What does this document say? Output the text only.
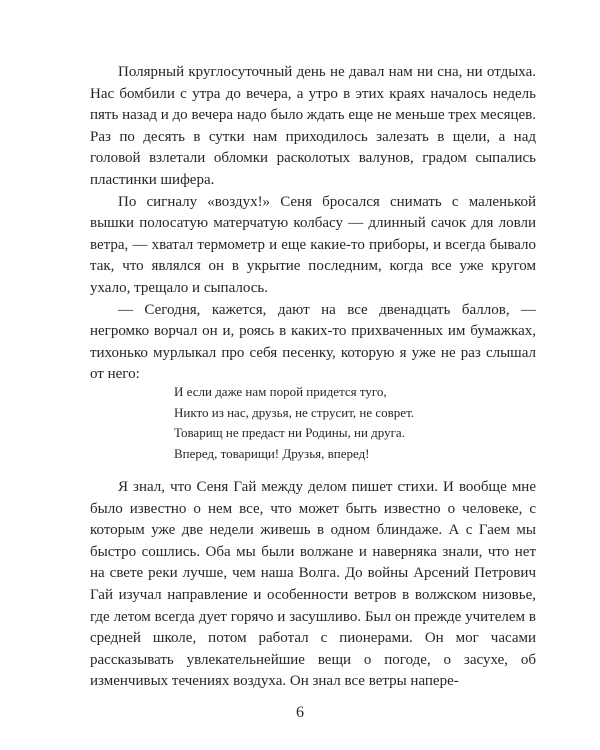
Полярный круглосуточный день не давал нам ни сна, ни отдыха. Нас бомбили с утра до вечера, а утро в этих краях началось недель пять назад и до вечера надо было ждать еще не меньше трех месяцев. Раз по десять в сутки нам приходилось залезать в щели, а над головой взлетали обломки расколотых валунов, градом сыпались пластинки шифера.

По сигналу «воздух!» Сеня бросался снимать с маленькой вышки полосатую матерчатую колбасу — длинный сачок для ловли ветра, — хватал термометр и еще какие-то приборы, и всегда бывало так, что являлся он в укрытие последним, когда все уже кругом ухало, трещало и сыпалось.

— Сегодня, кажется, дают на все двенадцать баллов, — негромко ворчал он и, роясь в каких-то прихваченных им бумажках, тихонько мурлыкал про себя песенку, которую я уже не раз слышал от него:

И если даже нам порой придется туго,
Никто из нас, друзья, не струсит, не соврет.
Товарищ не предаст ни Родины, ни друга.
Вперед, товарищи! Друзья, вперед!

Я знал, что Сеня Гай между делом пишет стихи. И вообще мне было известно о нем все, что может быть известно о человеке, с которым уже две недели живешь в одном блиндаже. А с Гаем мы быстро сошлись. Оба мы были волжане и наверняка знали, что нет на свете реки лучше, чем наша Волга. До войны Арсений Петрович Гай изучал направление и особенности ветров в волжском низовье, где летом всегда дует горячо и засушливо. Был он прежде учителем в средней школе, потом работал с пионерами. Он мог часами рассказывать увлекательнейшие вещи о погоде, о засухе, об изменчивых течениях воздуха. Он знал все ветры напере-

6
